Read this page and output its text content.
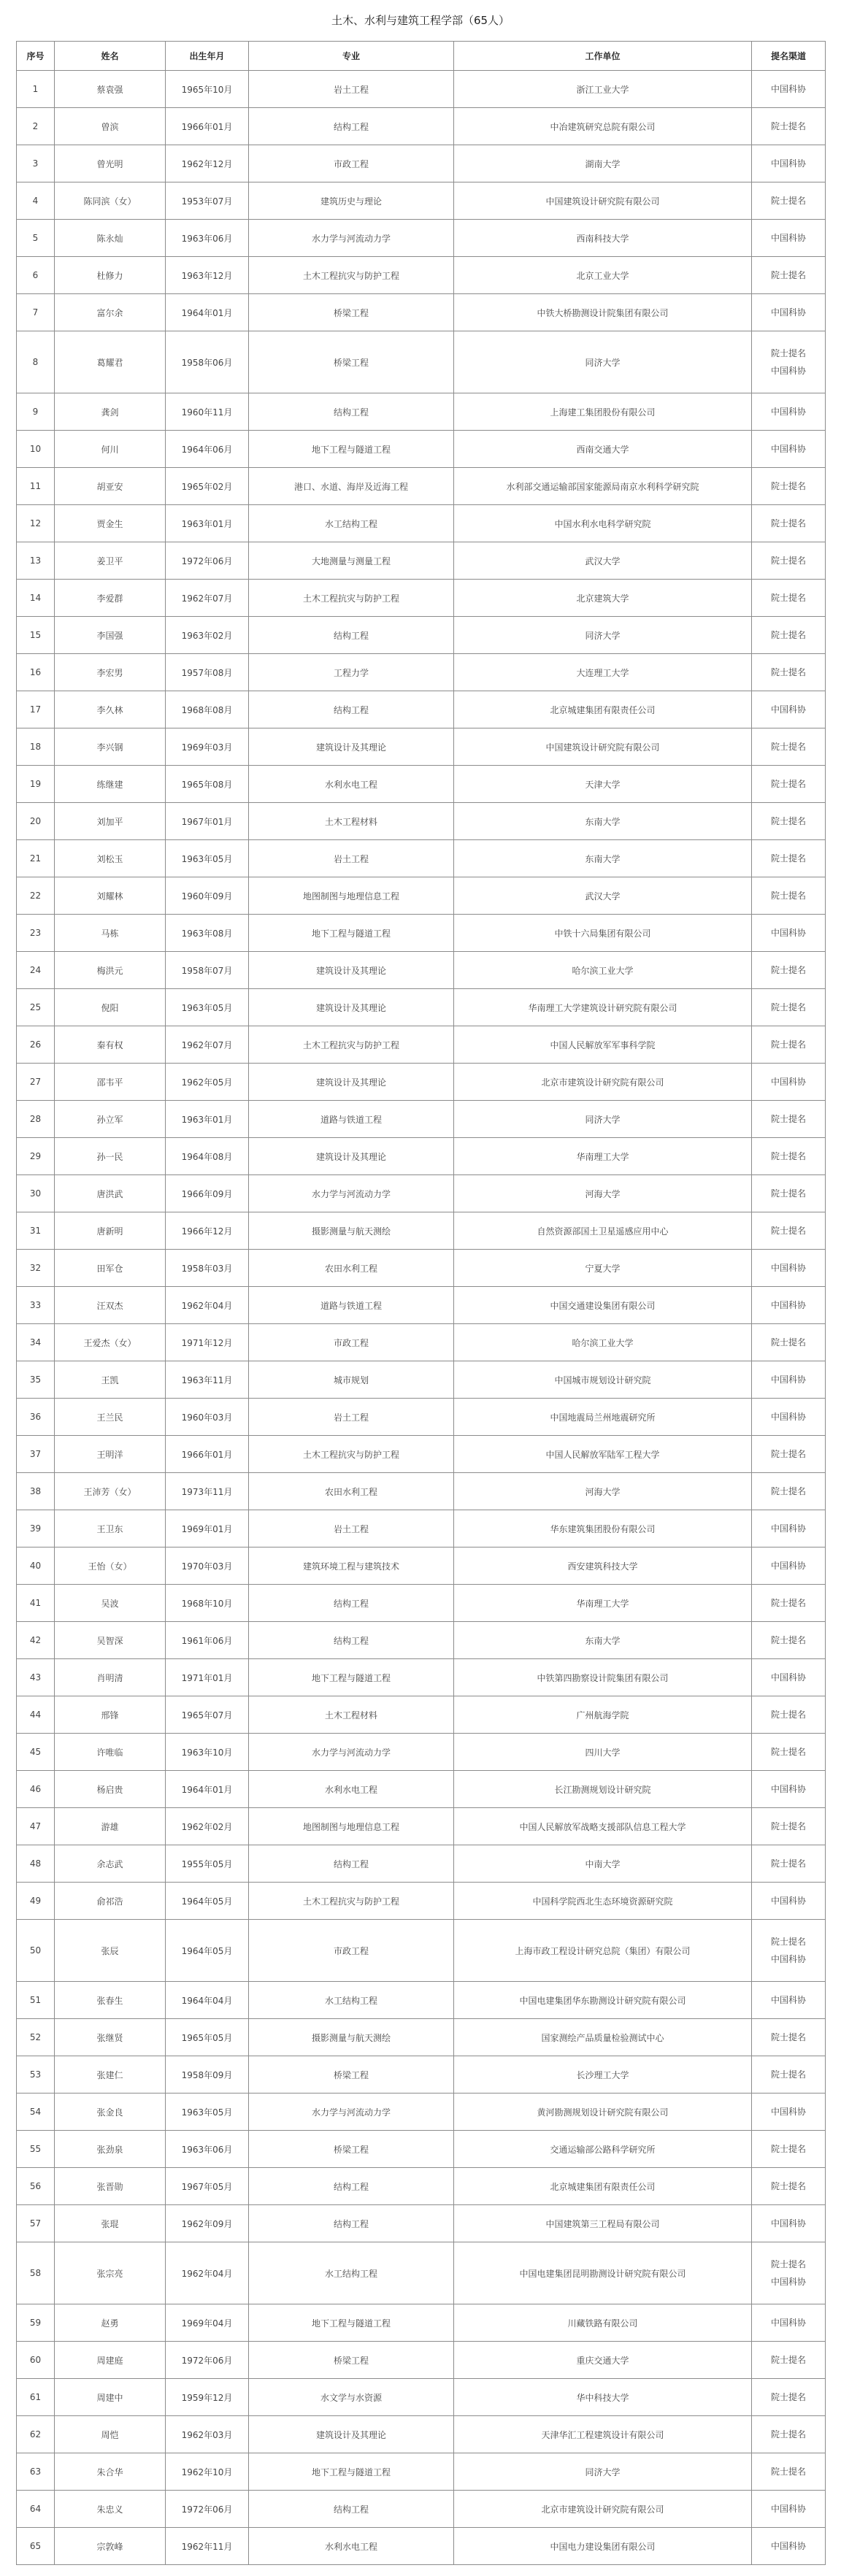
土木、水利与建筑工程学部（65人）
序号	姓名	出生年月	专业	工作单位	提名渠道
1	蔡袁强	1965年10月	岩土工程	浙江工业大学	中国科协

2	曾滨	1966年01月	结构工程	中冶建筑研究总院有限公司	院士提名

3	曾光明	1962年12月	市政工程	湖南大学	中国科协

4	陈同滨（女）	1953年07月	建筑历史与理论	中国建筑设计研究院有限公司	院士提名

5	陈永灿	1963年06月	水力学与河流动力学	西南科技大学	中国科协

6	杜修力	1963年12月	土木工程抗灾与防护工程	北京工业大学	院士提名

7	富尔余	1964年01月	桥梁工程	中铁大桥勘测设计院集团有限公司	中国科协

8	葛耀君	1958年06月	桥梁工程	同济大学	院士提名
中国科协

9	龚剑	1960年11月	结构工程	上海建工集团股份有限公司	中国科协

10	何川	1964年06月	地下工程与隧道工程	西南交通大学	中国科协

11	胡亚安	1965年02月	港口、水道、海岸及近海工程	水利部交通运输部国家能源局南京水利科学研究院	院士提名

12	贾金生	1963年01月	水工结构工程	中国水利水电科学研究院	院士提名

13	姜卫平	1972年06月	大地测量与测量工程	武汉大学	院士提名

14	李爱群	1962年07月	土木工程抗灾与防护工程	北京建筑大学	院士提名

15	李国强	1963年02月	结构工程	同济大学	院士提名

16	李宏男	1957年08月	工程力学	大连理工大学	院士提名

17	李久林	1968年08月	结构工程	北京城建集团有限责任公司	中国科协

18	李兴钢	1969年03月	建筑设计及其理论	中国建筑设计研究院有限公司	院士提名

19	练继建	1965年08月	水利水电工程	天津大学	院士提名

20	刘加平	1967年01月	土木工程材料	东南大学	院士提名

21	刘松玉	1963年05月	岩土工程	东南大学	院士提名

22	刘耀林	1960年09月	地图制图与地理信息工程	武汉大学	院士提名

23	马栋	1963年08月	地下工程与隧道工程	中铁十六局集团有限公司	中国科协

24	梅洪元	1958年07月	建筑设计及其理论	哈尔滨工业大学	院士提名

25	倪阳	1963年05月	建筑设计及其理论	华南理工大学建筑设计研究院有限公司	院士提名

26	秦有权	1962年07月	土木工程抗灾与防护工程	中国人民解放军军事科学院	院士提名

27	邵韦平	1962年05月	建筑设计及其理论	北京市建筑设计研究院有限公司	中国科协

28	孙立军	1963年01月	道路与铁道工程	同济大学	院士提名

29	孙一民	1964年08月	建筑设计及其理论	华南理工大学	院士提名

30	唐洪武	1966年09月	水力学与河流动力学	河海大学	院士提名

31	唐新明	1966年12月	摄影测量与航天测绘	自然资源部国土卫星遥感应用中心	院士提名

32	田军仓	1958年03月	农田水利工程	宁夏大学	中国科协

33	汪双杰	1962年04月	道路与铁道工程	中国交通建设集团有限公司	中国科协

34	王爱杰（女）	1971年12月	市政工程	哈尔滨工业大学	院士提名

35	王凯	1963年11月	城市规划	中国城市规划设计研究院	中国科协

36	王兰民	1960年03月	岩土工程	中国地震局兰州地震研究所	中国科协

37	王明洋	1966年01月	土木工程抗灾与防护工程	中国人民解放军陆军工程大学	院士提名

38	王沛芳（女）	1973年11月	农田水利工程	河海大学	院士提名

39	王卫东	1969年01月	岩土工程	华东建筑集团股份有限公司	中国科协

40	王怡（女）	1970年03月	建筑环境工程与建筑技术	西安建筑科技大学	中国科协

41	吴波	1968年10月	结构工程	华南理工大学	院士提名

42	吴智深	1961年06月	结构工程	东南大学	院士提名

43	肖明清	1971年01月	地下工程与隧道工程	中铁第四勘察设计院集团有限公司	中国科协

44	邢锋	1965年07月	土木工程材料	广州航海学院	院士提名

45	许唯临	1963年10月	水力学与河流动力学	四川大学	院士提名

46	杨启贵	1964年01月	水利水电工程	长江勘测规划设计研究院	中国科协

47	游雄	1962年02月	地图制图与地理信息工程	中国人民解放军战略支援部队信息工程大学	院士提名

48	余志武	1955年05月	结构工程	中南大学	院士提名

49	俞祁浩	1964年05月	土木工程抗灾与防护工程	中国科学院西北生态环境资源研究院	中国科协

50	张辰	1964年05月	市政工程	上海市政工程设计研究总院（集团）有限公司	院士提名
中国科协

51	张春生	1964年04月	水工结构工程	中国电建集团华东勘测设计研究院有限公司	中国科协

52	张继贤	1965年05月	摄影测量与航天测绘	国家测绘产品质量检验测试中心	院士提名

53	张建仁	1958年09月	桥梁工程	长沙理工大学	院士提名

54	张金良	1963年05月	水力学与河流动力学	黄河勘测规划设计研究院有限公司	中国科协

55	张劲泉	1963年06月	桥梁工程	交通运输部公路科学研究所	院士提名

56	张晋勋	1967年05月	结构工程	北京城建集团有限责任公司	院士提名

57	张琨	1962年09月	结构工程	中国建筑第三工程局有限公司	中国科协

58	张宗亮	1962年04月	水工结构工程	中国电建集团昆明勘测设计研究院有限公司	院士提名
中国科协

59	赵勇	1969年04月	地下工程与隧道工程	川藏铁路有限公司	中国科协

60	周建庭	1972年06月	桥梁工程	重庆交通大学	院士提名

61	周建中	1959年12月	水文学与水资源	华中科技大学	院士提名

62	周恺	1962年03月	建筑设计及其理论	天津华汇工程建筑设计有限公司	院士提名

63	朱合华	1962年10月	地下工程与隧道工程	同济大学	院士提名

64	朱忠义	1972年06月	结构工程	北京市建筑设计研究院有限公司	中国科协

65	宗敦峰	1962年11月	水利水电工程	中国电力建设集团有限公司	中国科协
